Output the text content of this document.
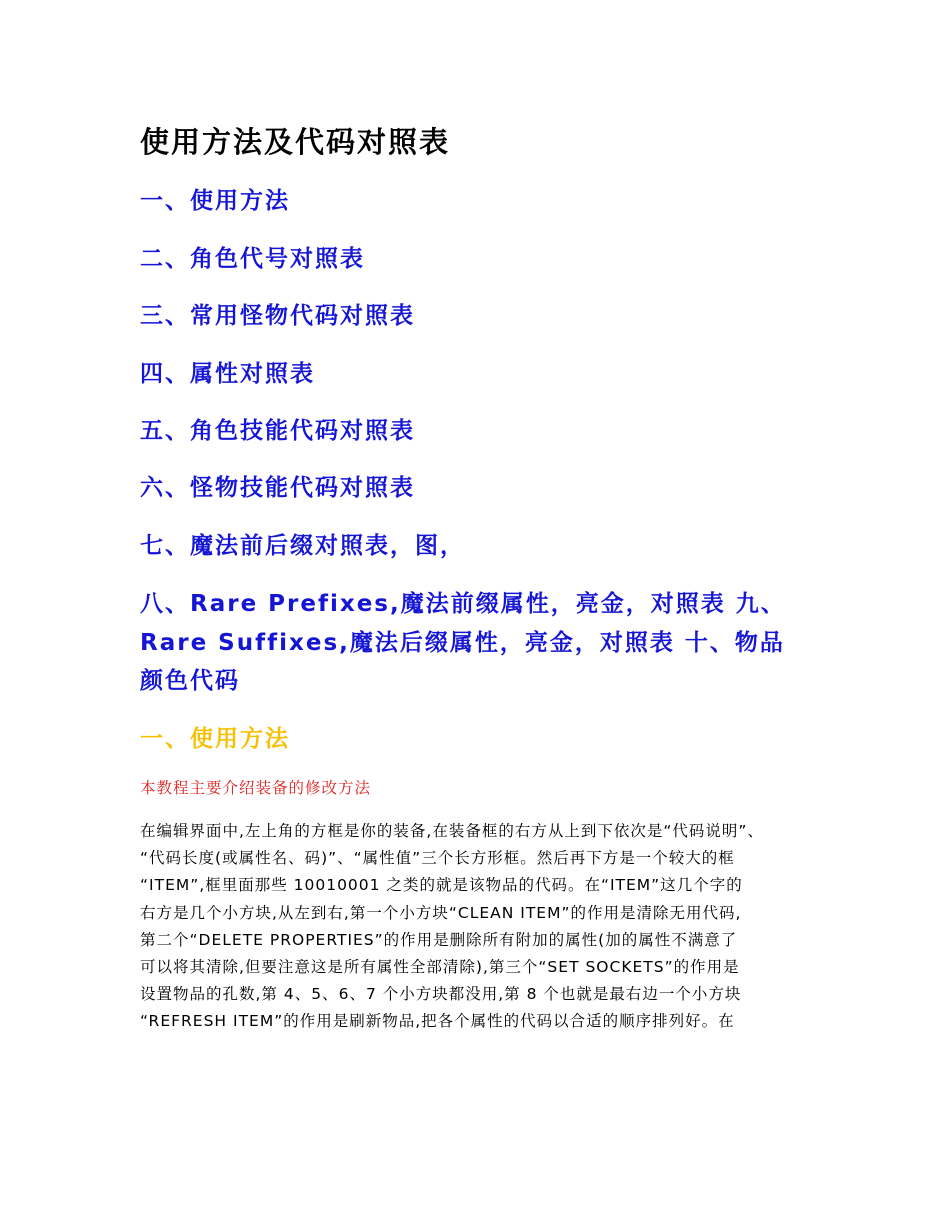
使用方法及代码对照表
一、使用方法
二、角色代号对照表
三、常用怪物代码对照表
四、属性对照表
五、角色技能代码对照表
六、怪物技能代码对照表
七、魔法前后缀对照表，图，
八、Rare Prefixes,魔法前缀属性，亮金，对照表 九、
Rare Suffixes,魔法后缀属性，亮金，对照表 十、物品
颜色代码
一、使用方法
本教程主要介绍装备的修改方法
在编辑界面中,左上角的方框是你的装备,在装备框的右方从上到下依次是“代码说明”、
“代码长度(或属性名、码)”、“属性值”三个长方形框。然后再下方是一个较大的框
“ITEM”,框里面那些 10010001 之类的就是该物品的代码。在“ITEM”这几个字的
右方是几个小方块,从左到右,第一个小方块“CLEAN ITEM”的作用是清除无用代码,
第二个“DELETE PROPERTIES”的作用是删除所有附加的属性(加的属性不满意了
可以将其清除,但要注意这是所有属性全部清除),第三个“SET SOCKETS”的作用是
设置物品的孔数,第 4、5、6、7 个小方块都没用,第 8 个也就是最右边一个小方块
“REFRESH ITEM”的作用是刷新物品,把各个属性的代码以合适的顺序排列好。在
